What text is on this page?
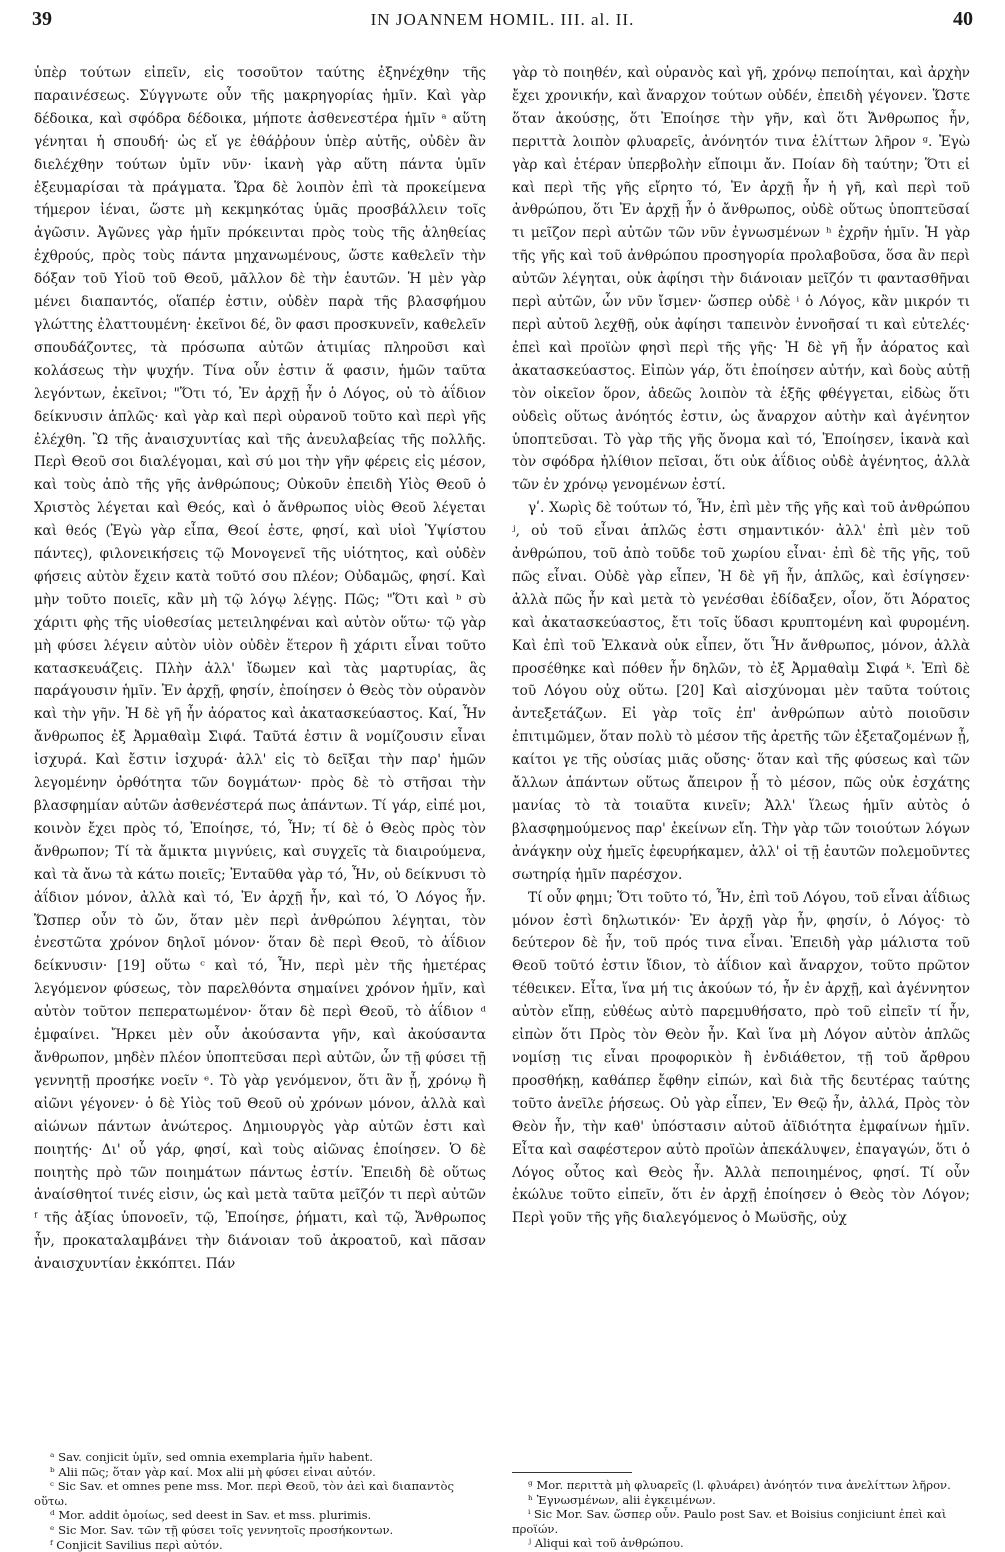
39	IN JOANNEM HOMIL. III. al. II.	40

ὑπὲρ τούτων εἰπεῖν, εἰς τοσοῦτον ταύτης ἐξηνέχθην τῆς παραινέσεως. Σύγγνωτε οὖν τῆς μακρηγορίας ἡμῖν. Καὶ γὰρ δέδοικα, καὶ σφόδρα δέδοικα, μήποτε ἀσθενεστέρα ἡμῖν ᵃ αὕτη γένηται ἡ σπουδή· ὡς εἴ γε ἐθάῤῥουν ὑπὲρ αὐτῆς, οὐδὲν ἂν διελέχθην τούτων ὑμῖν νῦν· ἱκανὴ γὰρ αὕτη πάντα ὑμῖν ἐξευμαρίσαι τὰ πράγματα. Ὥρα δὲ λοιπὸν ἐπὶ τὰ προκείμενα τήμερον ἰέναι, ὥστε μὴ κεκμηκότας ὑμᾶς προσβάλλειν τοῖς ἀγῶσιν. Ἀγῶνες γὰρ ἡμῖν πρόκεινται πρὸς τοὺς τῆς ἀληθείας ἐχθρούς, πρὸς τοὺς πάντα μηχανωμένους, ὥστε καθελεῖν τὴν δόξαν τοῦ Υἱοῦ τοῦ Θεοῦ, μᾶλλον δὲ τὴν ἑαυτῶν. Ἡ μὲν γὰρ μένει διαπαντός, οἵαπέρ ἐστιν, οὐδὲν παρὰ τῆς βλασφήμου γλώττης ἐλαττουμένη· ἐκεῖνοι δέ, ὃν φασι προσκυνεῖν, καθελεῖν σπουδάζοντες, τὰ πρόσωπα αὐτῶν ἀτιμίας πληροῦσι καὶ κολάσεως τὴν ψυχήν. Τίνα οὖν ἐστιν ἅ φασιν, ἡμῶν ταῦτα λεγόντων, ἐκεῖνοι; "Ὅτι τό, Ἐν ἀρχῇ ἦν ὁ Λόγος, οὐ τὸ ἀΐδιον δείκνυσιν ἁπλῶς· καὶ γὰρ καὶ περὶ οὐρανοῦ τοῦτο καὶ περὶ γῆς ἐλέχθη. Ὢ τῆς ἀναισχυντίας καὶ τῆς ἀνευλαβείας τῆς πολλῆς. Περὶ Θεοῦ σοι διαλέγομαι, καὶ σύ μοι τὴν γῆν φέρεις εἰς μέσον, καὶ τοὺς ἀπὸ τῆς γῆς ἀνθρώπους; Οὐκοῦν ἐπειδὴ Υἱὸς Θεοῦ ὁ Χριστὸς λέγεται καὶ Θεός, καὶ ὁ ἄνθρωπος υἱὸς Θεοῦ λέγεται καὶ θεός (Ἐγὼ γὰρ εἶπα, Θεοί ἐστε, φησί, καὶ υἱοὶ Ὑψίστου πάντες), φιλονεικήσεις τῷ Μονογενεῖ τῆς υἱότητος, καὶ οὐδὲν φήσεις αὐτὸν ἔχειν κατὰ τοῦτό σου πλέον; Οὐδαμῶς, φησί. Καὶ μὴν τοῦτο ποιεῖς, κἂν μὴ τῷ λόγῳ λέγῃς. Πῶς; "Ὅτι καὶ ᵇ σὺ χάριτι φὴς τῆς υἱοθεσίας μετειληφέναι καὶ αὐτὸν οὕτω· τῷ γὰρ μὴ φύσει λέγειν αὐτὸν υἱὸν οὐδὲν ἕτερον ἢ χάριτι εἶναι τοῦτο κατασκευάζεις. Πλὴν ἀλλ' ἴδωμεν καὶ τὰς μαρτυρίας, ἃς παράγουσιν ἡμῖν. Ἐν ἀρχῇ, φησίν, ἐποίησεν ὁ Θεὸς τὸν οὐρανὸν καὶ τὴν γῆν. Ἡ δὲ γῆ ἦν ἀόρατος καὶ ἀκατασκεύαστος. Καί, Ἦν ἄνθρωπος ἐξ Ἀρμαθαὶμ Σιφά. Ταῦτά ἐστιν ἃ νομίζουσιν εἶναι ἰσχυρά. Καὶ ἔστιν ἰσχυρά· ἀλλ' εἰς τὸ δεῖξαι τὴν παρ' ἡμῶν λεγομένην ὀρθότητα τῶν δογμάτων· πρὸς δὲ τὸ στῆσαι τὴν βλασφημίαν αὐτῶν ἀσθενέστερά πως ἁπάντων. Τί γάρ, εἰπέ μοι, κοινὸν ἔχει πρὸς τό, Ἐποίησε, τό, Ἦν; τί δὲ ὁ Θεὸς πρὸς τὸν ἄνθρωπον; Τί τὰ ἄμικτα μιγνύεις, καὶ συγχεῖς τὰ διαιρούμενα, καὶ τὰ ἄνω τὰ κάτω ποιεῖς; Ἐνταῦθα γὰρ τό, Ἦν, οὐ δείκνυσι τὸ ἀΐδιον μόνον, ἀλλὰ καὶ τό, Ἐν ἀρχῇ ἦν, καὶ τό, Ὁ Λόγος ἦν. Ὥσπερ οὖν τὸ ὤν, ὅταν μὲν περὶ ἀνθρώπου λέγηται, τὸν ἐνεστῶτα χρόνον δηλοῖ μόνον· ὅταν δὲ περὶ Θεοῦ, τὸ ἀΐδιον δείκνυσιν· [19] οὕτω ᶜ καὶ τό, Ἦν, περὶ μὲν τῆς ἡμετέρας λεγόμενον φύσεως, τὸν παρελθόντα σημαίνει χρόνον ἡμῖν, καὶ αὐτὸν τοῦτον πεπερατωμένον· ὅταν δὲ περὶ Θεοῦ, τὸ ἀΐδιον ᵈ ἐμφαίνει. Ἤρκει μὲν οὖν ἀκούσαντα γῆν, καὶ ἀκούσαντα ἄνθρωπον, μηδὲν πλέον ὑποπτεῦσαι περὶ αὐτῶν, ὧν τῇ φύσει τῇ γεννητῇ προσήκε νοεῖν ᵉ. Τὸ γὰρ γενόμενον, ὅτι ἂν ᾖ, χρόνῳ ἢ αἰῶνι γέγονεν· ὁ δὲ Υἱὸς τοῦ Θεοῦ οὐ χρόνων μόνον, ἀλλὰ καὶ αἰώνων πάντων ἀνώτερος. Δημιουργὸς γὰρ αὐτῶν ἐστι καὶ ποιητής· Δι' οὗ γάρ, φησί, καὶ τοὺς αἰῶνας ἐποίησεν. Ὁ δὲ ποιητὴς πρὸ τῶν ποιημάτων πάντως ἐστίν. Ἐπειδὴ δὲ οὕτως ἀναίσθητοί τινές εἰσιν, ὡς καὶ μετὰ ταῦτα μεῖζόν τι περὶ αὐτῶν ᶠ τῆς ἀξίας ὑπονοεῖν, τῷ, Ἐποίησε, ῥήματι, καὶ τῷ, Ἄνθρωπος ἦν, προκαταλαμβάνει τὴν διάνοιαν τοῦ ἀκροατοῦ, καὶ πᾶσαν ἀναισχυντίαν ἐκκόπτει. Πάν

γὰρ τὸ ποιηθέν, καὶ οὐρανὸς καὶ γῆ, χρόνῳ πεποίηται, καὶ ἀρχὴν ἔχει χρονικήν, καὶ ἄναρχον τούτων οὐδέν, ἐπειδὴ γέγονεν. Ὥστε ὅταν ἀκούσῃς, ὅτι Ἐποίησε τὴν γῆν, καὶ ὅτι Ἄνθρωπος ἦν, περιττὰ λοιπὸν φλυαρεῖς, ἀνόνητόν τινα ἑλίττων λῆρον ᵍ. Ἐγὼ γὰρ καὶ ἑτέραν ὑπερβολὴν εἴποιμι ἄν. Ποίαν δὴ ταύτην; Ὅτι εἰ καὶ περὶ τῆς γῆς εἴρητο τό, Ἐν ἀρχῇ ἦν ἡ γῆ, καὶ περὶ τοῦ ἀνθρώπου, ὅτι Ἐν ἀρχῇ ἦν ὁ ἄνθρωπος, οὐδὲ οὕτως ὑποπτεῦσαί τι μεῖζον περὶ αὐτῶν τῶν νῦν ἐγνωσμένων ʰ ἐχρῆν ἡμῖν. Ἡ γὰρ τῆς γῆς καὶ τοῦ ἀνθρώπου προσηγορία προλαβοῦσα, ὅσα ἂν περὶ αὐτῶν λέγηται, οὐκ ἀφίησι τὴν διάνοιαν μεῖζόν τι φαντασθῆναι περὶ αὐτῶν, ὧν νῦν ἴσμεν· ὥσπερ οὐδὲ ⁱ ὁ Λόγος, κἂν μικρόν τι περὶ αὐτοῦ λεχθῇ, οὐκ ἀφίησι ταπεινὸν ἐννοῆσαί τι καὶ εὐτελές· ἐπεὶ καὶ προϊὼν φησὶ περὶ τῆς γῆς· Ἡ δὲ γῆ ἦν ἀόρατος καὶ ἀκατασκεύαστος. Εἰπὼν γάρ, ὅτι ἐποίησεν αὐτήν, καὶ δοὺς αὐτῇ τὸν οἰκεῖον ὅρον, ἀδεῶς λοιπὸν τὰ ἑξῆς φθέγγεται, εἰδὼς ὅτι οὐδεὶς οὕτως ἀνόητός ἐστιν, ὡς ἄναρχον αὐτὴν καὶ ἀγένητον ὑποπτεῦσαι. Τὸ γὰρ τῆς γῆς ὄνομα καὶ τό, Ἐποίησεν, ἱκανὰ καὶ τὸν σφόδρα ἠλίθιον πεῖσαι, ὅτι οὐκ ἀΐδιος οὐδὲ ἀγένητος, ἀλλὰ τῶν ἐν χρόνῳ γενομένων ἐστί.

γʹ. Χωρὶς δὲ τούτων τό, Ἦν, ἐπὶ μὲν τῆς γῆς καὶ τοῦ ἀνθρώπου ʲ, οὐ τοῦ εἶναι ἁπλῶς ἐστι σημαντικόν· ἀλλ' ἐπὶ μὲν τοῦ ἀνθρώπου, τοῦ ἀπὸ τοῦδε τοῦ χωρίου εἶναι· ἐπὶ δὲ τῆς γῆς, τοῦ πῶς εἶναι. Οὐδὲ γὰρ εἶπεν, Ἡ δὲ γῆ ἦν, ἁπλῶς, καὶ ἐσίγησεν· ἀλλὰ πῶς ἦν καὶ μετὰ τὸ γενέσθαι ἐδίδαξεν, οἷον, ὅτι Ἀόρατος καὶ ἀκατασκεύαστος, ἔτι τοῖς ὕδασι κρυπτομένη καὶ φυρομένη. Καὶ ἐπὶ τοῦ Ἐλκανὰ οὐκ εἶπεν, ὅτι Ἦν ἄνθρωπος, μόνον, ἀλλὰ προσέθηκε καὶ πόθεν ἦν δηλῶν, τὸ ἐξ Ἀρμαθαὶμ Σιφά ᵏ. Ἐπὶ δὲ τοῦ Λόγου οὐχ οὕτω. [20] Καὶ αἰσχύνομαι μὲν ταῦτα τούτοις ἀντεξετάζων. Εἰ γὰρ τοῖς ἐπ' ἀνθρώπων αὐτὸ ποιοῦσιν ἐπιτιμῶμεν, ὅταν πολὺ τὸ μέσον τῆς ἀρετῆς τῶν ἐξεταζομένων ᾖ, καίτοι γε τῆς οὐσίας μιᾶς οὔσης· ὅταν καὶ τῆς φύσεως καὶ τῶν ἄλλων ἁπάντων οὕτως ἄπειρον ᾖ τὸ μέσον, πῶς οὐκ ἐσχάτης μανίας τὸ τὰ τοιαῦτα κινεῖν; Ἀλλ' ἵλεως ἡμῖν αὐτὸς ὁ βλασφημούμενος παρ' ἐκείνων εἴη. Τὴν γὰρ τῶν τοιούτων λόγων ἀνάγκην οὐχ ἡμεῖς ἐφευρήκαμεν, ἀλλ' οἱ τῇ ἑαυτῶν πολεμοῦντες σωτηρίᾳ ἡμῖν παρέσχον.

Τί οὖν φημι; Ὅτι τοῦτο τό, Ἦν, ἐπὶ τοῦ Λόγου, τοῦ εἶναι ἀΐδιως μόνον ἐστὶ δηλωτικόν· Ἐν ἀρχῇ γὰρ ἦν, φησίν, ὁ Λόγος· τὸ δεύτερον δὲ ἦν, τοῦ πρός τινα εἶναι. Ἐπειδὴ γὰρ μάλιστα τοῦ Θεοῦ τοῦτό ἐστιν ἴδιον, τὸ ἀΐδιον καὶ ἄναρχον, τοῦτο πρῶτον τέθεικεν. Εἶτα, ἵνα μή τις ἀκούων τό, ἦν ἐν ἀρχῇ, καὶ ἀγέννητον αὐτὸν εἴπῃ, εὐθέως αὐτὸ παρεμυθήσατο, πρὸ τοῦ εἰπεῖν τί ἦν, εἰπὼν ὅτι Πρὸς τὸν Θεὸν ἦν. Καὶ ἵνα μὴ Λόγον αὐτὸν ἁπλῶς νομίσῃ τις εἶναι προφορικὸν ἢ ἐνδιάθετον, τῇ τοῦ ἄρθρου προσθήκῃ, καθάπερ ἔφθην εἰπών, καὶ διὰ τῆς δευτέρας ταύτης τοῦτο ἀνεῖλε ῥήσεως. Οὐ γὰρ εἶπεν, Ἐν Θεῷ ἦν, ἀλλά, Πρὸς τὸν Θεὸν ἦν, τὴν καθ' ὑπόστασιν αὐτοῦ ἀϊδιότητα ἐμφαίνων ἡμῖν. Εἶτα καὶ σαφέστερον αὐτὸ προϊὼν ἀπεκάλυψεν, ἐπαγαγών, ὅτι ὁ Λόγος οὗτος καὶ Θεὸς ἦν. Ἀλλὰ πεποιημένος, φησί. Τί οὖν ἐκώλυε τοῦτο εἰπεῖν, ὅτι ἐν ἀρχῇ ἐποίησεν ὁ Θεὸς τὸν Λόγον; Περὶ γοῦν τῆς γῆς διαλεγόμενος ὁ Μωϋσῆς, οὐχ

ᵃ Sav. conjicit ὑμῖν, sed omnia exemplaria ἡμῖν habent.
ᵇ Alii πῶς; ὅταν γὰρ καί. Mox alii μὴ φύσει εἰναι αὐτόν.
ᶜ Sic Sav. et omnes pene mss. Mor. περὶ Θεοῦ, τὸν ἀεὶ καὶ διαπαντὸς οὕτω.
ᵈ Mor. addit ὁμοίως, sed deest in Sav. et mss. plurimis.
ᵉ Sic Mor. Sav. τῶν τῇ φύσει τοῖς γεννητοῖς προσήκοντων.
ᶠ Conjicit Savilius περὶ αὐτόν.
ᵍ Mor. περιττὰ μὴ φλυαρεῖς (l. φλυάρει) ἀνόητόν τινα ἀνελίττων λῆρον.
ʰ Ἐγνωσμένων, alii ἐγκειμένων.
ⁱ Sic Mor. Sav. ὥσπερ οὖν. Paulo post Sav. et Boisius conjiciunt ἐπεὶ καὶ προϊών.
ʲ Aliqui καὶ τοῦ ἀνθρώπου.
